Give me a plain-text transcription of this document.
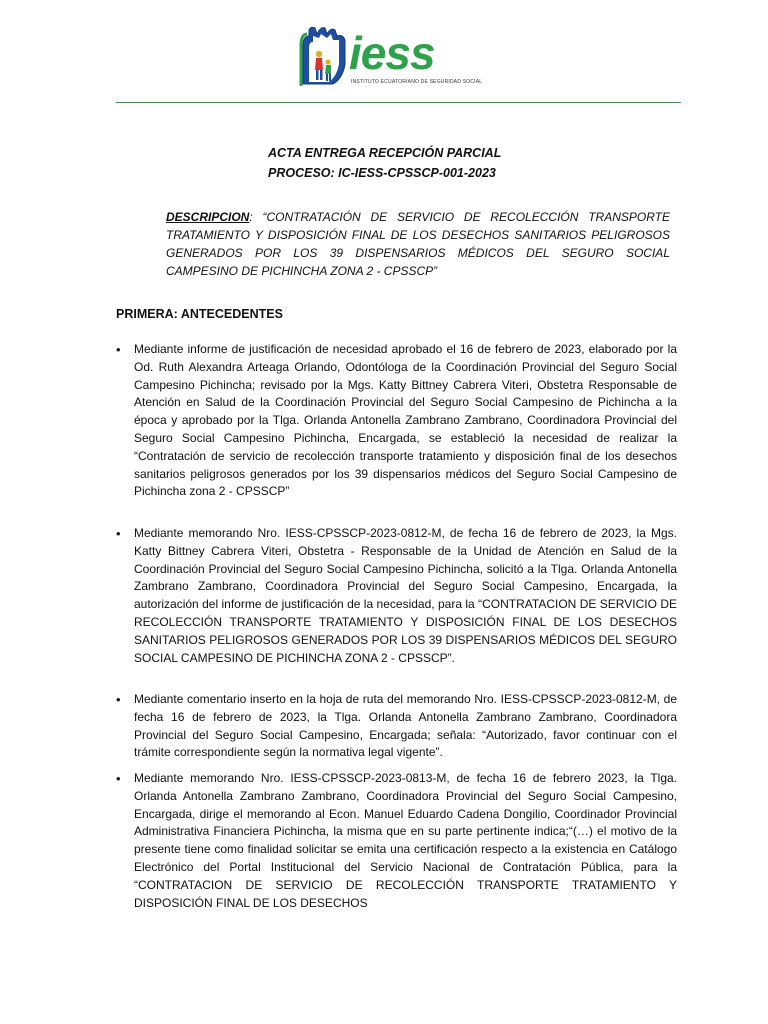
iess
INSTITUTO ECUATORIANO DE SEGURIDAD SOCIAL
ACTA ENTREGA RECEPCIÓN PARCIAL
PROCESO: IC-IESS-CPSSCP-001-2023
DESCRIPCION: “CONTRATACIÓN DE SERVICIO DE RECOLECCIÓN TRANSPORTE TRATAMIENTO Y DISPOSICIÓN FINAL DE LOS DESECHOS SANITARIOS PELIGROSOS GENERADOS POR LOS 39 DISPENSARIOS MÉDICOS DEL SEGURO SOCIAL CAMPESINO DE PICHINCHA ZONA 2 - CPSSCP”
PRIMERA: ANTECEDENTES
• Mediante informe de justificación de necesidad aprobado el 16 de febrero de 2023, elaborado por la Od. Ruth Alexandra Arteaga Orlando, Odontóloga de la Coordinación Provincial del Seguro Social Campesino Pichincha; revisado por la Mgs. Katty Bittney Cabrera Viteri, Obstetra Responsable de Atención en Salud de la Coordinación Provincial del Seguro Social Campesino de Pichincha a la época y aprobado por la Tlga. Orlanda Antonella Zambrano Zambrano, Coordinadora Provincial del Seguro Social Campesino Pichincha, Encargada, se estableció la necesidad de realizar la “Contratación de servicio de recolección transporte tratamiento y disposición final de los desechos sanitarios peligrosos generados por los 39 dispensarios médicos del Seguro Social Campesino de Pichincha zona 2 - CPSSCP”
• Mediante memorando Nro. IESS-CPSSCP-2023-0812-M, de fecha 16 de febrero de 2023, la Mgs. Katty Bittney Cabrera Viteri, Obstetra - Responsable de la Unidad de Atención en Salud de la Coordinación Provincial del Seguro Social Campesino Pichincha, solicitó a la Tlga. Orlanda Antonella Zambrano Zambrano, Coordinadora Provincial del Seguro Social Campesino, Encargada, la autorización del informe de justificación de la necesidad, para la “CONTRATACION DE SERVICIO DE RECOLECCIÓN TRANSPORTE TRATAMIENTO Y DISPOSICIÓN FINAL DE LOS DESECHOS SANITARIOS PELIGROSOS GENERADOS POR LOS 39 DISPENSARIOS MÉDICOS DEL SEGURO SOCIAL CAMPESINO DE PICHINCHA ZONA 2 - CPSSCP”.
• Mediante comentario inserto en la hoja de ruta del memorando Nro. IESS-CPSSCP-2023-0812-M, de fecha 16 de febrero de 2023, la Tlga. Orlanda Antonella Zambrano Zambrano, Coordinadora Provincial del Seguro Social Campesino, Encargada; señala: “Autorizado, favor continuar con el trámite correspondiente según la normativa legal vigente”.
• Mediante memorando Nro. IESS-CPSSCP-2023-0813-M, de fecha 16 de febrero 2023, la Tlga. Orlanda Antonella Zambrano Zambrano, Coordinadora Provincial del Seguro Social Campesino, Encargada, dirige el memorando al Econ. Manuel Eduardo Cadena Dongilio, Coordinador Provincial Administrativa Financiera Pichincha, la misma que en su parte pertinente indica;“(…) el motivo de la presente tiene como finalidad solicitar se emita una certificación respecto a la existencia en Catálogo Electrónico del Portal Institucional del Servicio Nacional de Contratación Pública, para la “CONTRATACION DE SERVICIO DE RECOLECCIÓN TRANSPORTE TRATAMIENTO Y DISPOSICIÓN FINAL DE LOS DESECHOS
